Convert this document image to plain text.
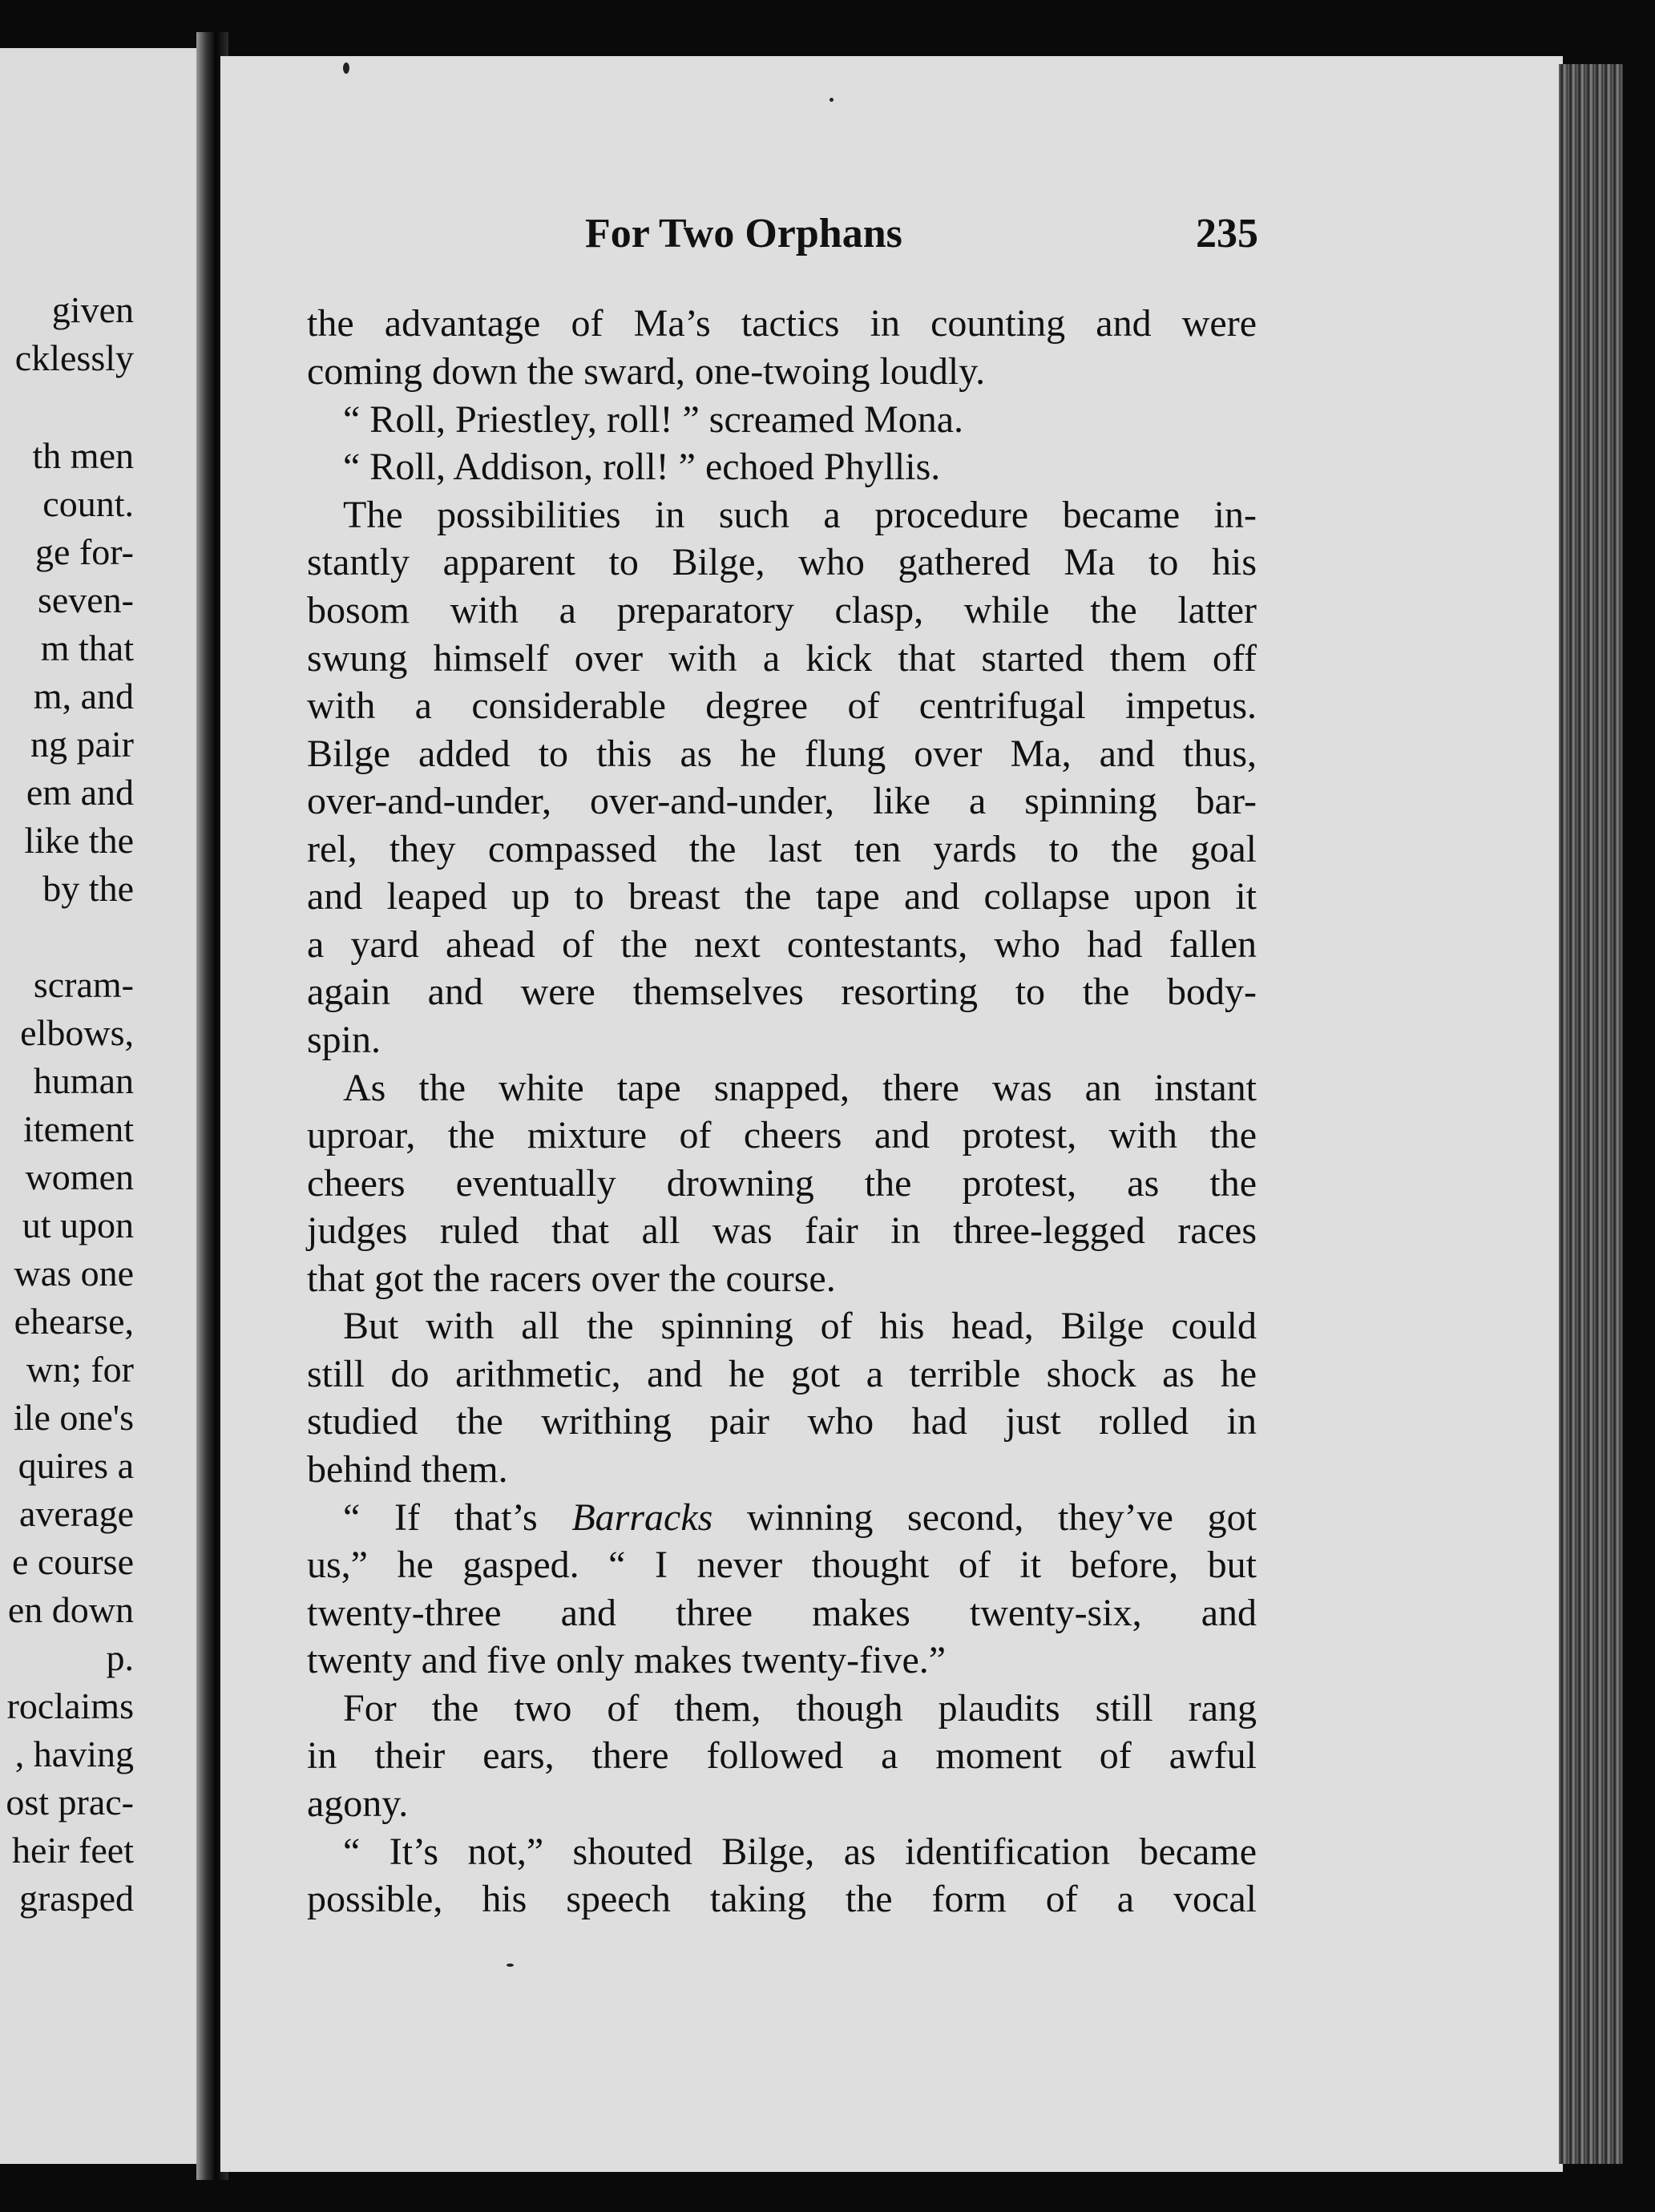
given
cklessly
th men
count.
ge for-
seven-
m that
m, and
ng pair
em and
like the
by the
scram-
elbows,
human
itement
women
ut upon
was one
ehearse,
wn; for
ile one's
quires a
average
e course
en down
p.
roclaims
, having
ost prac-
heir feet
grasped
For Two Orphans	235
the advantage of Ma’s tactics in counting and were
coming down the sward, one-twoing loudly.
“ Roll, Priestley, roll! ” screamed Mona.
“ Roll, Addison, roll! ” echoed Phyllis.
The possibilities in such a procedure became in-
stantly apparent to Bilge, who gathered Ma to his
bosom with a preparatory clasp, while the latter
swung himself over with a kick that started them off
with a considerable degree of centrifugal impetus.
Bilge added to this as he flung over Ma, and thus,
over-and-under, over-and-under, like a spinning bar-
rel, they compassed the last ten yards to the goal
and leaped up to breast the tape and collapse upon it
a yard ahead of the next contestants, who had fallen
again and were themselves resorting to the body-
spin.
As the white tape snapped, there was an instant
uproar, the mixture of cheers and protest, with the
cheers eventually drowning the protest, as the
judges ruled that all was fair in three-legged races
that got the racers over the course.
But with all the spinning of his head, Bilge could
still do arithmetic, and he got a terrible shock as he
studied the writhing pair who had just rolled in
behind them.
“ If that’s Barracks winning second, they’ve got
us,” he gasped. “ I never thought of it before, but
twenty-three and three makes twenty-six, and
twenty and five only makes twenty-five.”
For the two of them, though plaudits still rang
in their ears, there followed a moment of awful
agony.
“ It’s not,” shouted Bilge, as identification became
possible, his speech taking the form of a vocal
